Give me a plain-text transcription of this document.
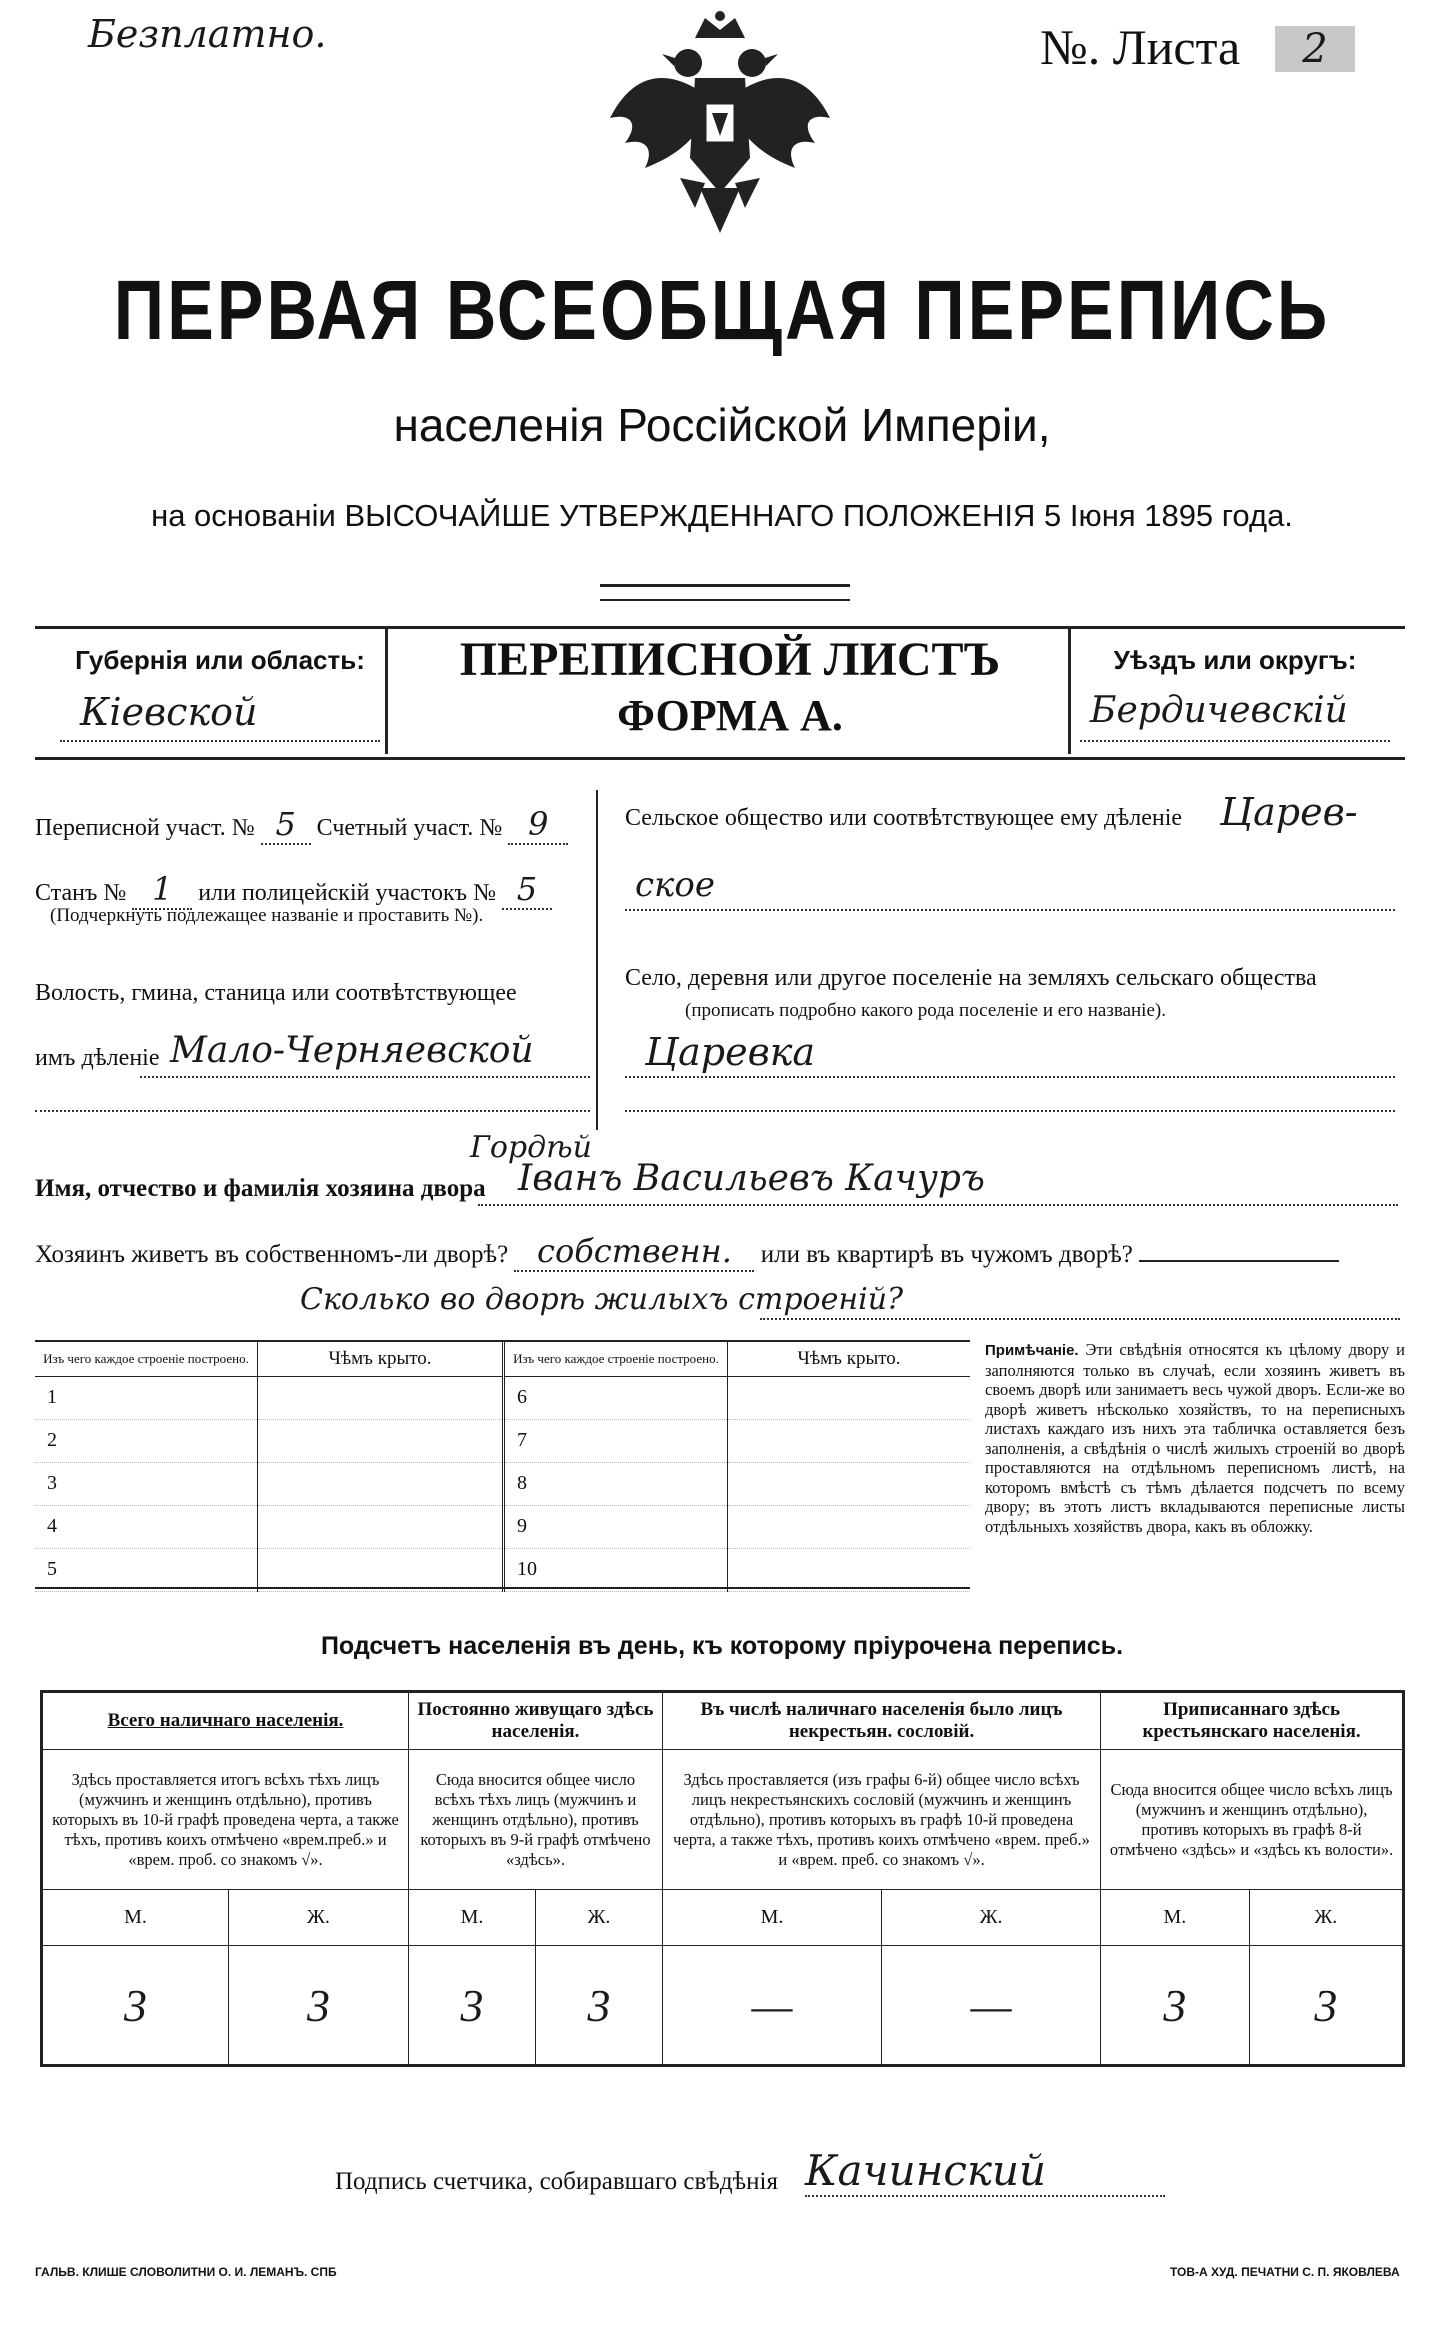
Безплатно.	№. Листа	2
ПЕРВАЯ ВСЕОБЩАЯ ПЕРЕПИСЬ
населенія Россійской Имперіи,
на основаніи ВЫСОЧАЙШЕ УТВЕРЖДЕННАГО ПОЛОЖЕНІЯ 5 Іюня 1895 года.
Губернія или область:
Кіевской
ПЕРЕПИСНОЙ ЛИСТЪ
ФОРМА А.
Уѣздъ или округъ:
Бердичевскій
Переписной участ. № 5 Счетный участ. № 9
Станъ № 1 или полицейскій участокъ № 5
(Подчеркнуть подлежащее названіе и проставить №).
Волость, гмина, станица или соотвѣтствующее
имъ дѣленіе Мало-Черняевской
Сельское общество или соотвѣтствующее ему дѣленіе Царев-
ское
Село, деревня или другое поселеніе на земляхъ сельскаго общества
(прописать подробно какого рода поселеніе и его названіе).
Царевка
Гордѣй
Имя, отчество и фамилія хозяина двора Іванъ Васильевъ Качуръ
Хозяинъ живетъ въ собственномъ-ли дворѣ? собственн. или въ квартирѣ въ чужомъ дворѣ?
Сколько во дворѣ жилыхъ строеній?
Изъ чего каждое строеніе построено.	Чѣмъ крыто.
1	
2	
3	
4	
5	
Изъ чего каждое строеніе построено.	Чѣмъ крыто.
6	
7	
8	
9	
10	
Примѣчаніе. Эти свѣдѣнія относятся къ цѣлому двору и заполняются только въ случаѣ, если хозяинъ живетъ въ своемъ дворѣ или занимаетъ весь чужой дворъ. Если-же во дворѣ живетъ нѣсколько хозяйствъ, то на переписныхъ листахъ каждаго изъ нихъ эта табличка оставляется безъ заполненія, а свѣдѣнія о числѣ жилыхъ строеній во дворѣ проставляются на отдѣльномъ переписномъ листѣ, на которомъ вмѣстѣ съ тѣмъ дѣлается подсчетъ по всему двору; въ этотъ листъ вкладываются переписные листы отдѣльныхъ хозяйствъ двора, какъ въ обложку.
Подсчетъ населенія въ день, къ которому пріурочена перепись.
Всего наличнаго населенія.		Постоянно живущаго здѣсь населенія.		Въ числѣ наличнаго населенія было лицъ некрестьян. сословій.		Приписаннаго здѣсь крестьянскаго населенія.	
Здѣсь проставляется итогъ всѣхъ тѣхъ лицъ (мужчинъ и женщинъ отдѣльно), противъ которыхъ въ 10-й графѣ проведена черта, а также тѣхъ, противъ коихъ отмѣчено «врем.преб.» и «врем. проб. со знакомъ √».		Сюда вносится общее число всѣхъ тѣхъ лицъ (мужчинъ и женщинъ отдѣльно), противъ которыхъ въ 9-й графѣ отмѣчено «здѣсь».		Здѣсь проставляется (изъ графы 6-й) общее число всѣхъ лицъ некрестьянскихъ сословій (мужчинъ и женщинъ отдѣльно), противъ которыхъ въ графѣ 10-й проведена черта, а также тѣхъ, противъ коихъ отмѣчено «врем. преб.» и «врем. преб. со знакомъ √».		Сюда вносится общее число всѣхъ лицъ (мужчинъ и женщинъ отдѣльно), противъ которыхъ въ графѣ 8-й отмѣчено «здѣсь» и «здѣсь къ волости».	
М.	Ж.	М.	Ж.	М.	Ж.	М.	Ж.
3	3	3	3	—	—	3	3
Подпись счетчика, собиравшаго свѣдѣнія Качинский
ГАЛЬВ. КЛИШЕ СЛОВОЛИТНИ О. И. ЛЕМАНЪ. СПБ	ТОВ-А ХУД. ПЕЧАТНИ С. П. ЯКОВЛЕВА
